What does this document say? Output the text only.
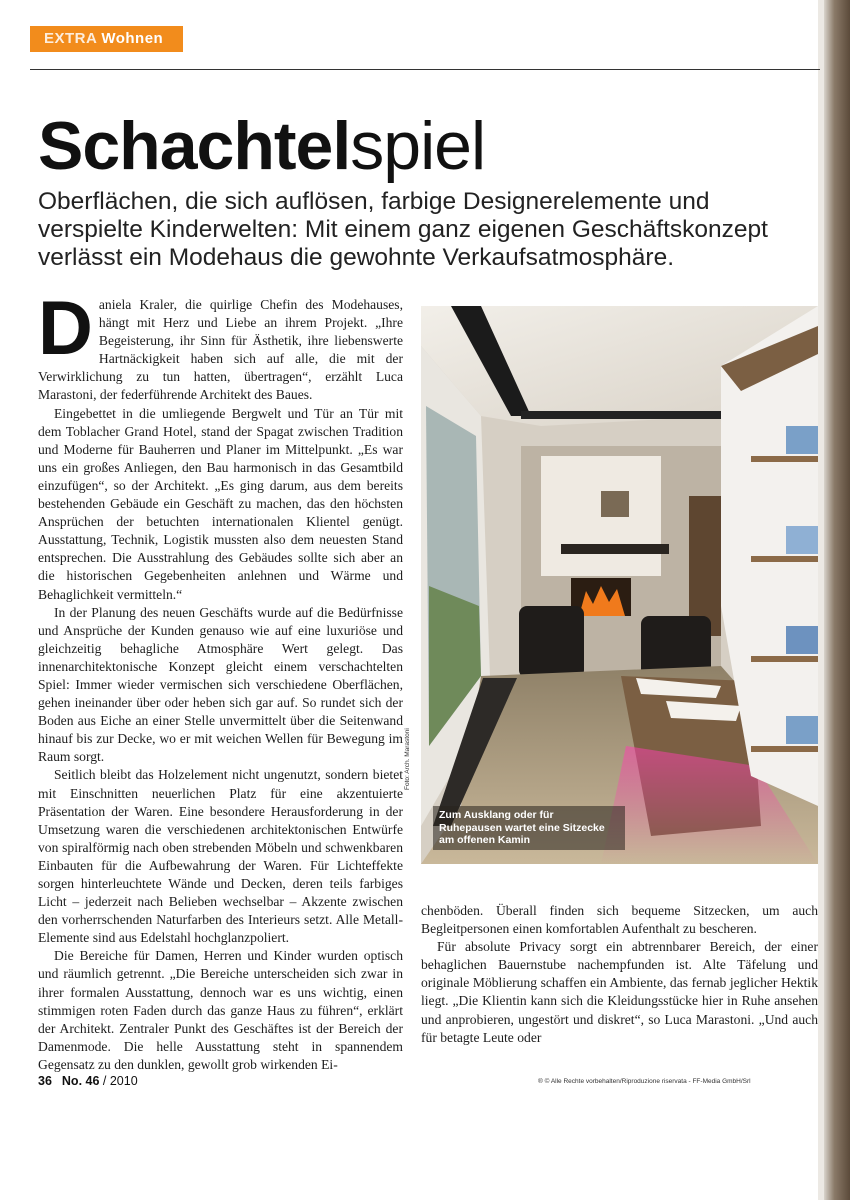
EXTRA Wohnen
Schachtelspiel

Oberflächen, die sich auflösen, farbige Designerelemente und verspielte Kinderwelten: Mit einem ganz eigenen Geschäftskonzept verlässt ein Modehaus die gewohnte Verkaufsatmosphäre.

Daniela Kraler, die quirlige Chefin des Modehauses, hängt mit Herz und Liebe an ihrem Projekt. „Ihre Begeisterung, ihr Sinn für Ästhetik, ihre liebenswerte Hartnäckigkeit haben sich auf alle, die mit der Verwirklichung zu tun hatten, übertragen“, erzählt Luca Marastoni, der federführende Architekt des Baues.

Eingebettet in die umliegende Bergwelt und Tür an Tür mit dem Toblacher Grand Hotel, stand der Spagat zwischen Tradition und Moderne für Bauherren und Planer im Mittelpunkt. „Es war uns ein großes Anliegen, den Bau harmonisch in das Gesamtbild einzufügen“, so der Architekt. „Es ging darum, aus dem bereits bestehenden Gebäude ein Geschäft zu machen, das den höchsten Ansprüchen der betuchten internationalen Klientel genügt. Ausstattung, Technik, Logistik mussten also dem neuesten Stand entsprechen. Die Ausstrahlung des Gebäudes sollte sich aber an die historischen Gegebenheiten anlehnen und Wärme und Behaglichkeit vermitteln.“

In der Planung des neuen Geschäfts wurde auf die Bedürfnisse und Ansprüche der Kunden genauso wie auf eine luxuriöse und gleichzeitig behagliche Atmosphäre Wert gelegt. Das innenarchitektonische Konzept gleicht einem verschachtelten Spiel: Immer wieder vermischen sich verschiedene Oberflächen, gehen ineinander über oder heben sich gar auf. So rundet sich der Boden aus Eiche an einer Stelle unvermittelt über die Seitenwand hinauf bis zur Decke, wo er mit weichen Wellen für Bewegung im Raum sorgt.

Seitlich bleibt das Holzelement nicht ungenutzt, sondern bietet mit Einschnitten neuerlichen Platz für eine akzentuierte Präsentation der Waren. Eine besondere Herausforderung in der Umsetzung waren die verschiedenen architektonischen Entwürfe von spiralförmig nach oben strebenden Möbeln und schwenkbaren Einbauten für die Aufbewahrung der Waren. Für Lichteffekte sorgen hinterleuchtete Wände und Decken, deren teils farbiges Licht – jederzeit nach Belieben wechselbar – Akzente zwischen den vorherrschenden Naturfarben des Interieurs setzt. Alle Metall-Elemente sind aus Edelstahl hochglanzpoliert.

Die Bereiche für Damen, Herren und Kinder wurden optisch und räumlich getrennt. „Die Bereiche unterscheiden sich zwar in ihrer formalen Ausstattung, dennoch war es uns wichtig, einen stimmigen roten Faden durch das ganze Haus zu führen“, erklärt der Architekt. Zentraler Punkt des Geschäftes ist der Bereich der Damenmode. Die helle Ausstattung steht in spannendem Gegensatz zu den dunklen, gewollt grob wirkenden Ei-

Zum Ausklang oder für Ruhepausen wartet eine Sitzecke am offenen Kamin
Foto: Arch. Marastoni

chenböden. Überall finden sich bequeme Sitzecken, um auch Begleitpersonen einen komfortablen Aufenthalt zu bescheren.

Für absolute Privacy sorgt ein abtrennbarer Bereich, der einer behaglichen Bauernstube nachempfunden ist. Alte Täfelung und originale Möblierung schaffen ein Ambiente, das fernab jeglicher Hektik liegt. „Die Klientin kann sich die Kleidungsstücke hier in Ruhe ansehen und anprobieren, ungestört und diskret“, so Luca Marastoni. „Und auch für betagte Leute oder

36 No. 46 / 2010	® © Alle Rechte vorbehalten/Riproduzione riservata - FF-Media GmbH/Srl
